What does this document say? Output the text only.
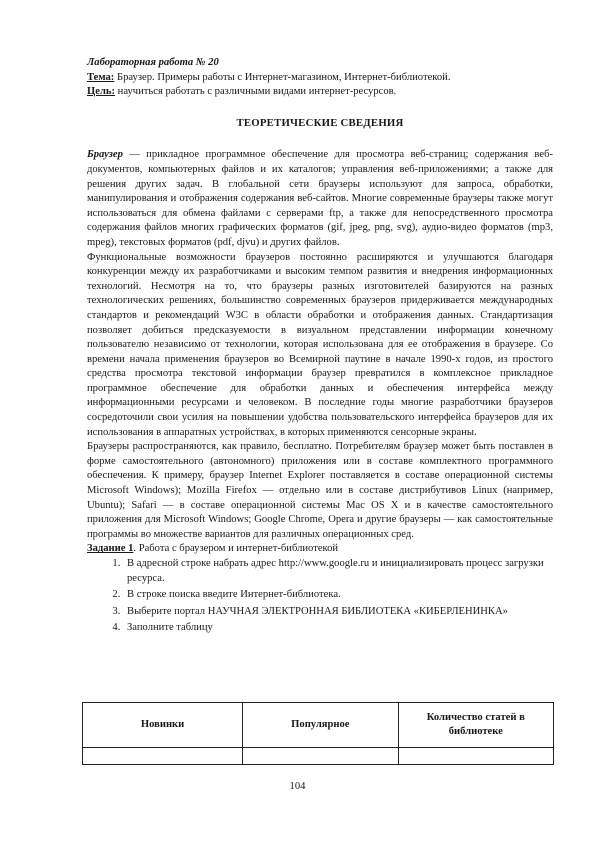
Лабораторная работа № 20

Тема: Браузер. Примеры работы с Интернет-магазином, Интернет-библиотекой.

Цель: научиться работать с различными видами интернет-ресурсов.

ТЕОРЕТИЧЕСКИЕ СВЕДЕНИЯ

Браузер — прикладное программное обеспечение для просмотра веб-страниц; содержания веб-документов, компьютерных файлов и их каталогов; управления веб-приложениями; а также для решения других задач. В глобальной сети браузеры используют для запроса, обработки, манипулирования и отображения содержания веб-сайтов. Многие современные браузеры также могут использоваться для обмена файлами с серверами ftp, а также для непосредственного просмотра содержания файлов многих графических форматов (gif, jpeg, png, svg), аудио-видео форматов (mp3, mpeg), текстовых форматов (pdf, djvu) и других файлов.

Функциональные возможности браузеров постоянно расширяются и улучшаются благодаря конкуренции между их разработчиками и высоким темпом развития и внедрения информационных технологий. Несмотря на то, что браузеры разных изготовителей базируются на разных технологических решениях, большинство современных браузеров придерживается международных стандартов и рекомендаций W3C в области обработки и отображения данных. Стандартизация позволяет добиться предсказуемости в визуальном представлении информации конечному пользователю независимо от технологии, которая использована для ее отображения в браузере. Со времени начала применения браузеров во Всемирной паутине в начале 1990-х годов, из простого средства просмотра текстовой информации браузер превратился в комплексное прикладное программное обеспечение для обработки данных и обеспечения интерфейса между информационными ресурсами и человеком. В последние годы многие разработчики браузеров сосредоточили свои усилия на повышении удобства пользовательского интерфейса браузеров для их использования в аппаратных устройствах, в которых применяются сенсорные экраны.

Браузеры распространяются, как правило, бесплатно. Потребителям браузер может быть поставлен в форме самостоятельного (автономного) приложения или в составе комплектного программного обеспечения. К примеру, браузер Internet Explorer поставляется в составе операционной системы Microsoft Windows); Mozilla Firefox — отдельно или в составе дистрибутивов Linux (например, Ubuntu); Safari — в составе операционной системы Mac OS X и в качестве самостоятельного приложения для Microsoft Windows; Google Chrome, Opera и другие браузеры — как самостоятельные программы во множестве вариантов для различных операционных сред.

Задание 1. Работа с браузером и интернет-библиотекой

1. В адресной строке набрать адрес http://www.google.ru и инициализировать процесс загрузки ресурса.
2. В строке поиска введите Интернет-библиотека.
3. Выберите портал НАУЧНАЯ ЭЛЕКТРОННАЯ БИБЛИОТЕКА «КИБЕРЛЕНИНКА»
4. Заполните таблицу
Новинки	Популярное	Количество статей в библиотеке

104
